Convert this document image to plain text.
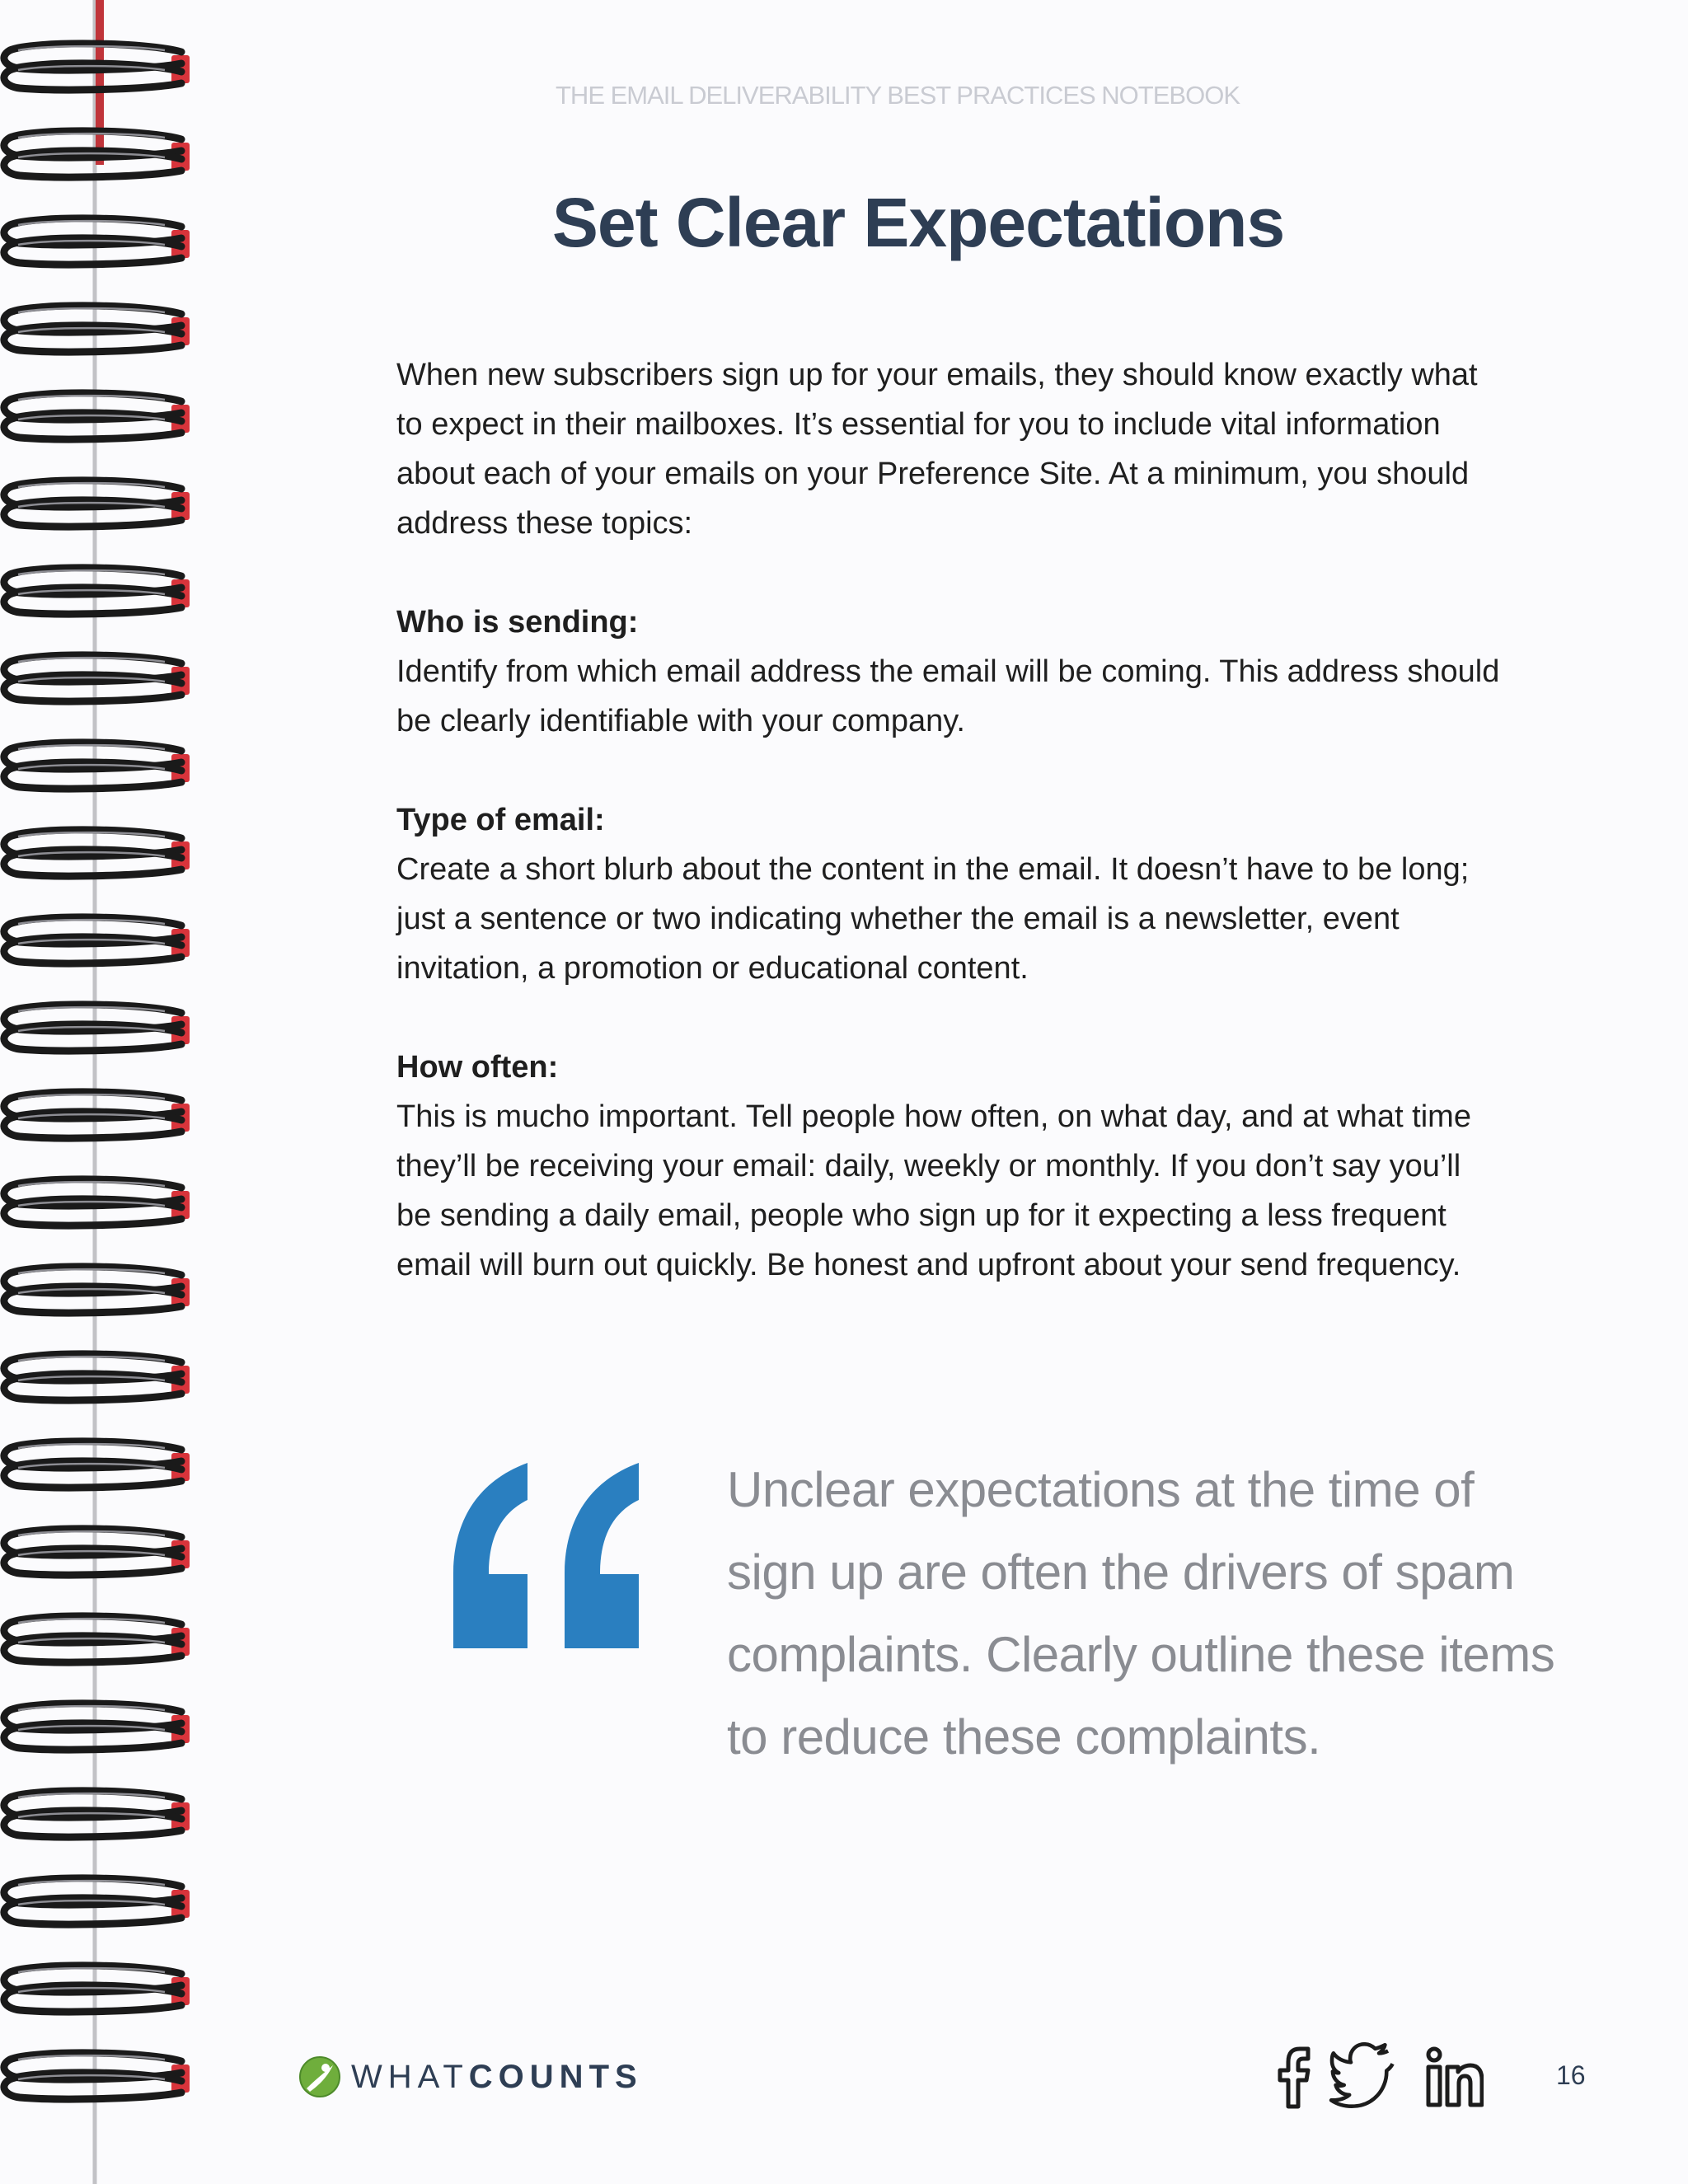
THE EMAIL DELIVERABILITY BEST PRACTICES NOTEBOOK
Set Clear Expectations

When new subscribers sign up for your emails, they should know exactly what to expect in their mailboxes. It’s essential for you to include vital information about each of your emails on your Preference Site. At a minimum, you should address these topics:

Who is sending:
Identify from which email address the email will be coming. This address should be clearly identifiable with your company.

Type of email:
Create a short blurb about the content in the email. It doesn’t have to be long; just a sentence or two indicating whether the email is a newsletter, event invitation, a promotion or educational content.

How often:
This is mucho important. Tell people how often, on what day, and at what time they’ll be receiving your email: daily, weekly or monthly. If you don’t say you’ll be sending a daily email, people who sign up for it expecting a less frequent email will burn out quickly. Be honest and upfront about your send frequency.

Unclear expectations at the time of sign up are often the drivers of spam complaints. Clearly outline these items to reduce these complaints.
WHATCOUNTS	16
